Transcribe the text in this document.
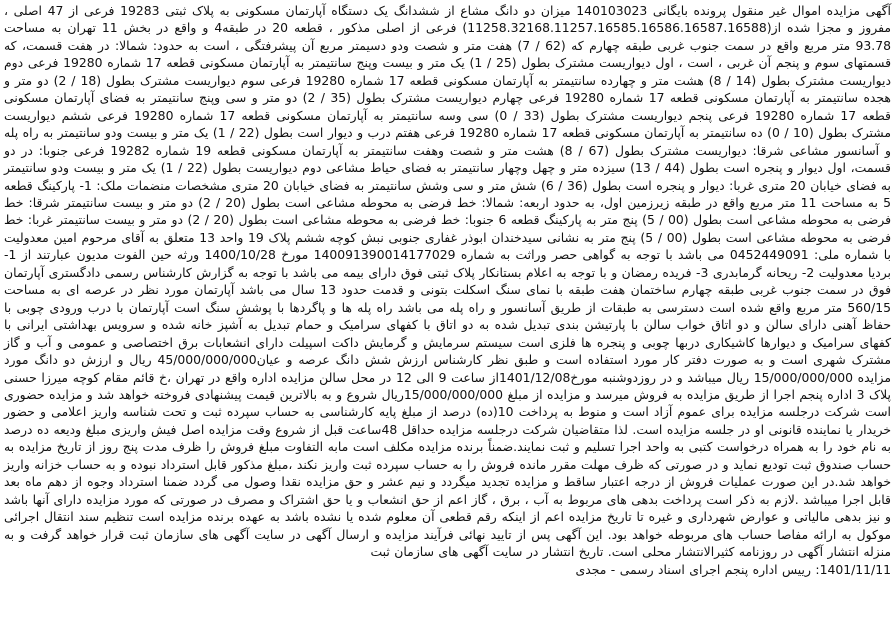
آگهی مزایده اموال غیر منقول پرونده بایگانی 140103023 میزان دو دانگ مشاع از ششدانگ یک دستگاه آپارتمان مسکونی به پلاک ثبتی 19283 فرعی از 47 اصلی ، مفروز و مجزا شده از(11258.32168.11257.16585.16586.16587.16588) فرعی از اصلی مذکور ، قطعه 20 در طبقه4 و واقع در بخش 11 تهران به مساحت 93.78 متر مربع واقع در سمت جنوب غربی طبقه چهارم که (62 / 7) هفت متر و شصت ودو دسیمتر مربع آن پیشرفتگی ، است به حدود: شمالا: در هفت قسمت، که قسمتهای سوم و پنجم آن غربی ، است ، اول دیواریست مشترک بطول (25 / 1) یک متر و بیست وپنج سانتیمتر به آپارتمان مسکونی قطعه 17 شماره 19280 فرعی دوم دیواریست مشترک بطول (14 / 8) هشت متر و چهارده سانتیمتر به آپارتمان مسکونی قطعه 17 شماره 19280 فرعی سوم دیواریست مشترک بطول (18 / 2) دو متر و هجده سانتیمتر به آپارتمان مسکونی قطعه 17 شماره 19280 فرعی چهارم دیواریست مشترک بطول (35 / 2) دو متر و سی وپنج سانتیمتر به فضای آپارتمان مسکونی قطعه 17 شماره 19280 فرعی پنجم دیواریست مشترک بطول (33 / 0) سی وسه سانتیمتر به آپارتمان مسکونی قطعه 17 شماره 19280 فرعی ششم دیواریست مشترک بطول (10 / 0) ده سانتیمتر به آپارتمان مسکونی قطعه 17 شماره 19280 فرعی هفتم درب و دیوار است بطول (22 / 1) یک متر و بیست ودو سانتیمتر به راه پله و آسانسور مشاعی شرقا: دیواریست مشترک بطول (67 / 8) هشت متر و شصت وهفت سانتیمتر به آپارتمان مسکونی قطعه 19 شماره 19282 فرعی جنوبا: در دو قسمت، اول دیوار و پنجره است بطول (44 / 13) سیزده متر و چهل وچهار سانتیمتر به فضای حیاط مشاعی دوم دیواریست بطول (22 / 1) یک متر و بیست ودو سانتیمتر به فضای خیابان 20 متری غربا: دیوار و پنجره است بطول (36 / 6) شش متر و سی وشش سانتیمتر به فضای خیابان 20 متری مشخصات منضمات ملک: 1- پارکینگ قطعه 5 به مساحت 11 متر مربع واقع در طبقه زیرزمین اول، به حدود اربعه: شمالا: خط فرضی به محوطه مشاعی است بطول (20 / 2) دو متر و بیست سانتیمتر شرقا: خط فرضی به محوطه مشاعی است بطول (00 / 5) پنج متر به پارکینگ قطعه 6 جنوبا: خط فرضی به محوطه مشاعی است بطول (20 / 2) دو متر و بیست سانتیمتر غربا: خط فرضی به محوطه مشاعی است بطول (00 / 5) پنج متر به نشانی سیدخندان ابوذر غفاری جنوبی نبش کوچه ششم پلاک 19 واحد 13 متعلق به آقای مرحوم امین معدولیت با شماره ملی: 0452449091 می باشد با توجه به گواهی حصر وراثت به شماره 140091390014177029 مورخ 1400/10/28 ورثه حین الفوت مدیون عبارتند از 1-بردیا معدولیت 2- ریحانه گرمابدری 3- فریده رمضان و با توجه به اعلام بستانکار پلاک ثبتی فوق دارای بیمه می باشد با توجه به گزارش کارشناس رسمی دادگستری آپارتمان فوق در سمت جنوب غربی طبقه چهارم ساختمان هفت طبقه با نمای سنگ اسکلت بتونی و قدمت حدود 13 سال می باشد آپارتمان مورد نظر در عرصه ای به مساحت 560/15 متر مربع واقع شده است دسترسی به طبقات از طریق آسانسور و راه پله می باشد راه پله ها و پاگردها با پوشش سنگ است آپارتمان با درب ورودی چوبی با حفاظ آهنی دارای سالن و دو اتاق خواب سالن با پارتیشن بندی تبدیل شده به دو اتاق با کفهای سرامیک و حمام تبدیل به آشپز خانه شده و سرویس بهداشتی ایرانی با کفهای سرامیک و دیوارها کاشیکاری دربها چوبی و پنجره ها فلزی است سیستم سرمایش و گرمایش داکت اسپیلت دارای انشعابات برق اختصاصی و عمومی و آب و گاز مشترک شهری است و به صورت دفتر کار مورد استفاده است و طبق نظر کارشناس ارزش شش دانگ عرصه و عیان45/000/000/000 ریال و ارزش دو دانگ مورد مزایده 15/000/000/000 ریال میباشد و در روزدوشنبه مورخ1401/12/08از ساعت 9 الی 12 در محل سالن مزایده اداره واقع در تهران ،خ قائم مقام کوچه میرزا حسنی پلاک 3 اداره پنجم اجرا از طریق مزایده به فروش میرسد و مزایده از مبلغ 15/000/000/000ریال شروع و به بالاترین قیمت پیشنهادی فروخته خواهد شد و مزایده حضوری است شرکت درجلسه مزایده برای عموم آزاد است و منوط به پرداخت 10(ده) درصد از مبلغ پایه کارشناسی به حساب سپرده ثبت و تحت شناسه واریز اعلامی و حضور خریدار یا نماینده قانونی او در جلسه مزایده است. لذا متقاضیان شرکت درجلسه مزایده حداقل 48ساعت قبل از شروع وقت مزایده اصل فیش واریزی مبلغ ودیعه ده درصد به نام خود را به همراه درخواست کتبی به واحد اجرا تسلیم و ثبت نمایند.ضمناً برنده مزایده مکلف است مابه التفاوت مبلغ فروش را ظرف مدت پنج روز از تاریخ مزایده به حساب صندوق ثبت تودیع نماید و در صورتی که ظرف مهلت مقرر مانده فروش را به حساب سپرده ثبت واریز نکند ،مبلغ مذکور قابل استرداد نبوده و به حساب خزانه واریز خواهد شد.در این صورت عملیات فروش از درجه اعتبار ساقط و مزایده تجدید میگردد و نیم عشر و حق مزایده نقدا وصول می گردد ضمنا استرداد وجوه از دهم ماه بعد قابل اجرا میباشد .لازم به ذکر است پرداخت بدهی های مربوط به آب ، برق ، گاز اعم از حق انشعاب و یا حق اشتراک و مصرف در صورتی که مورد مزایده دارای آنها باشد و نیز بدهی مالیاتی و عوارض شهرداری و غیره تا تاریخ مزایده اعم از اینکه رقم قطعی آن معلوم شده یا نشده باشد به عهده برنده مزایده است تنظیم سند انتقال اجرائی موکول به ارائه مفاصا حساب های مربوطه خواهد بود. این آگهی پس از تایید نهائی فرآیند مزایده و ارسال آگهی در سایت آگهی های سازمان ثبت قرار خواهد گرفت و به منزله انتشار آگهی در روزنامه کثیرالانتشار محلی است. تاریخ انتشار در سایت آگهی های سازمان ثبت

1401/11/11: رییس اداره پنجم اجرای اسناد رسمی - مجدی
